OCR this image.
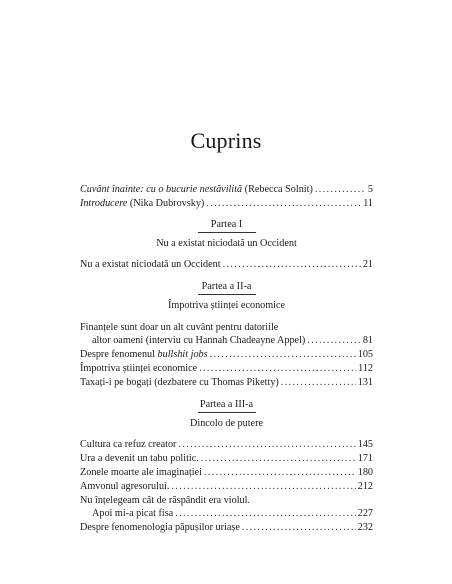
Cuprins
Cuvânt înainte: cu o bucurie nestăvilită (Rebecca Solnit) . . .	5
Introducere (Nika Dubrovsky) . . .	11
Partea I
Nu a existat niciodată un Occident
Nu a existat niciodată un Occident . . .	21
Partea a II-a
Împotriva științei economice
Finanțele sunt doar un alt cuvânt pentru datoriile
altor oameni (interviu cu Hannah Chadeayne Appel) . . .	81
Despre fenomenul bullshit jobs . . .	105
Împotriva științei economice . . .	112
Taxați-i pe bogați (dezbatere cu Thomas Piketty) . . .	131
Partea a III-a
Dincolo de putere
Cultura ca refuz creator . . .	145
Ura a devenit un tabu politic. . . .	171
Zonele moarte ale imaginației . . .	180
Amvonul agresorului. . . .	212
Nu înțelegeam cât de răspândit era violul.
Apoi mi-a picat fisa . . .	227
Despre fenomenologia păpușilor uriașe . . .	232
